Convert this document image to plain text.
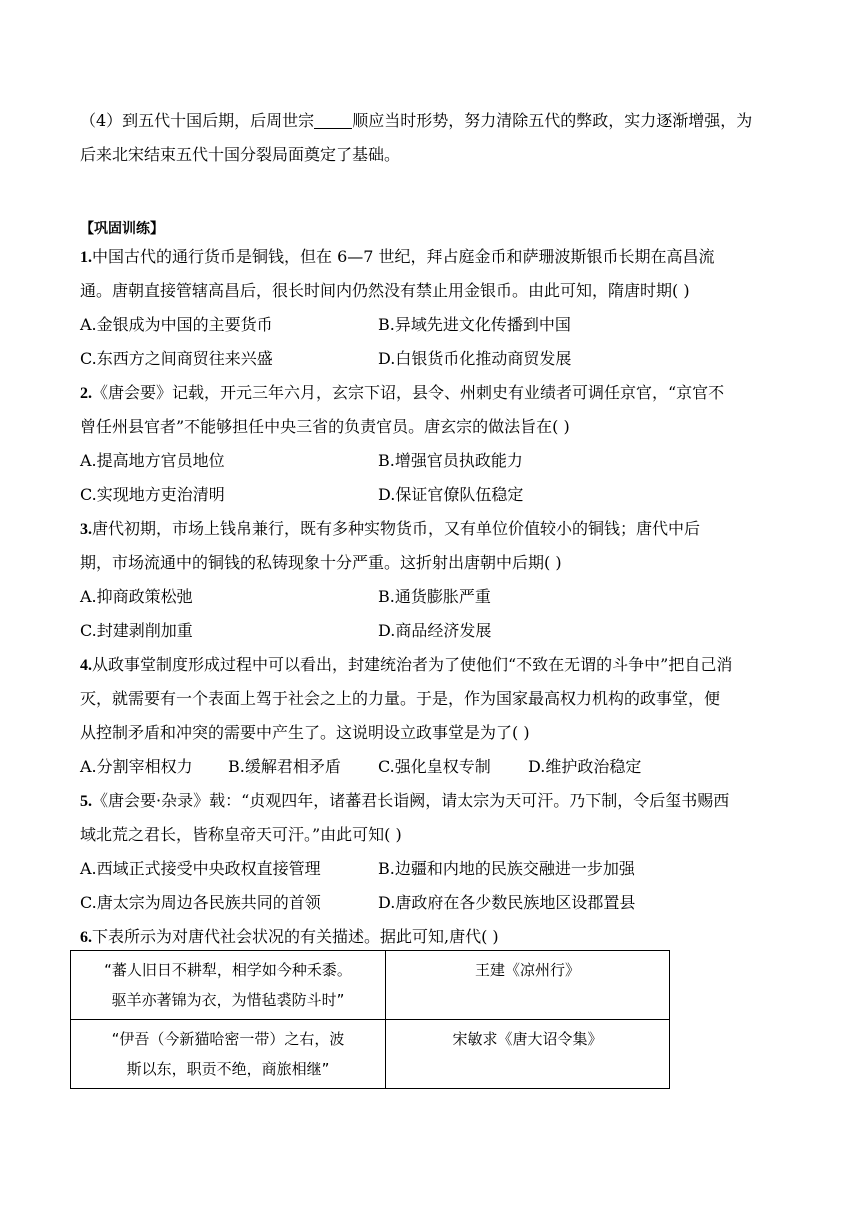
（4）到五代十国后期，后周世宗 顺应当时形势，努力清除五代的弊政，实力逐渐增强，为
后来北宋结束五代十国分裂局面奠定了基础。
【巩固训练】
1.中国古代的通行货币是铜钱，但在 6—7 世纪，拜占庭金币和萨珊波斯银币长期在高昌流
通。唐朝直接管辖高昌后，很长时间内仍然没有禁止用金银币。由此可知，隋唐时期( )
A.金银成为中国的主要货币	B.异域先进文化传播到中国
C.东西方之间商贸往来兴盛	D.白银货币化推动商贸发展
2.《唐会要》记载，开元三年六月，玄宗下诏，县令、州刺史有业绩者可调任京官，“京官不
曾任州县官者”不能够担任中央三省的负责官员。唐玄宗的做法旨在( )
A.提高地方官员地位	B.增强官员执政能力
C.实现地方吏治清明	D.保证官僚队伍稳定
3.唐代初期，市场上钱帛兼行，既有多种实物货币，又有单位价值较小的铜钱；唐代中后
期，市场流通中的铜钱的私铸现象十分严重。这折射出唐朝中后期( )
A.抑商政策松弛	B.通货膨胀严重
C.封建剥削加重	D.商品经济发展
4.从政事堂制度形成过程中可以看出，封建统治者为了使他们“不致在无谓的斗争中”把自己消
灭，就需要有一个表面上驾于社会之上的力量。于是，作为国家最高权力机构的政事堂，便
从控制矛盾和冲突的需要中产生了。这说明设立政事堂是为了( )
A.分割宰相权力 B.缓解君相矛盾 C.强化皇权专制 D.维护政治稳定
5.《唐会要·杂录》载：“贞观四年，诸蕃君长诣阙，请太宗为天可汗。乃下制，令后玺书赐西
域北荒之君长，皆称皇帝天可汗。”由此可知( )
A.西域正式接受中央政权直接管理	B.边疆和内地的民族交融进一步加强
C.唐太宗为周边各民族共同的首领	D.唐政府在各少数民族地区设郡置县
6.下表所示为对唐代社会状况的有关描述。据此可知,唐代( )
“蕃人旧日不耕犁，相学如今种禾黍。
驱羊亦著锦为衣，为惜毡裘防斗时”	王建《凉州行》

“伊吾（今新猫哈密一带）之右，波
斯以东，职贡不绝，商旅相继”	宋敏求《唐大诏令集》
